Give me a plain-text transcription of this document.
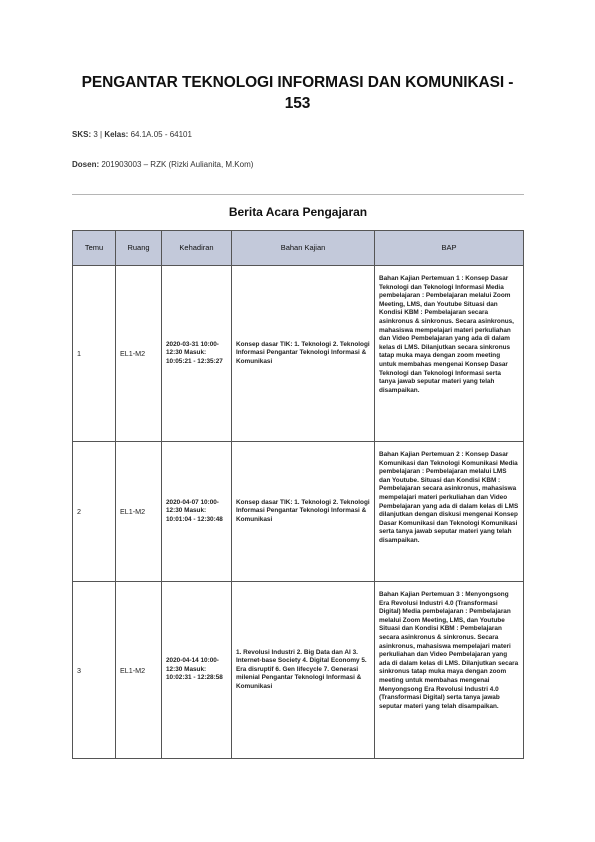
PENGANTAR TEKNOLOGI INFORMASI DAN KOMUNIKASI - 153
SKS: 3 | Kelas: 64.1A.05 - 64101
Dosen: 201903003 – RZK (Rizki Aulianita, M.Kom)
Berita Acara Pengajaran
Temu	Ruang	Kehadiran	Bahan Kajian	BAP
1	EL1-M2	2020-03-31 10:00-12:30 Masuk: 10:05:21 - 12:35:27	Konsep dasar TIK: 1. Teknologi 2. Teknologi Informasi Pengantar Teknologi Informasi & Komunikasi	Bahan Kajian Pertemuan 1 : Konsep Dasar Teknologi dan Teknologi Informasi Media pembelajaran : Pembelajaran melalui Zoom Meeting, LMS, dan Youtube Situasi dan Kondisi KBM : Pembelajaran secara asinkronus & sinkronus. Secara asinkronus, mahasiswa mempelajari materi perkuliahan dan Video Pembelajaran yang ada di dalam kelas di LMS. Dilanjutkan secara sinkronus tatap muka maya dengan zoom meeting untuk membahas mengenai Konsep Dasar Teknologi dan Teknologi Informasi serta tanya jawab seputar materi yang telah disampaikan.
2	EL1-M2	2020-04-07 10:00-12:30 Masuk: 10:01:04 - 12:30:48	Konsep dasar TIK: 1. Teknologi 2. Teknologi Informasi Pengantar Teknologi Informasi & Komunikasi	Bahan Kajian Pertemuan 2 : Konsep Dasar Komunikasi dan Teknologi Komunikasi Media pembelajaran : Pembelajaran melalui LMS dan Youtube. Situasi dan Kondisi KBM : Pembelajaran secara asinkronus, mahasiswa mempelajari materi perkuliahan dan Video Pembelajaran yang ada di dalam kelas di LMS dilanjutkan dengan diskusi mengenai Konsep Dasar Komunikasi dan Teknologi Komunikasi serta tanya jawab seputar materi yang telah disampaikan.
3	EL1-M2	2020-04-14 10:00-12:30 Masuk: 10:02:31 - 12:28:58	1. Revolusi Industri 2. Big Data dan AI 3. Internet-base Society 4. Digital Economy 5. Era disruptif 6. Gen lifecycle 7. Generasi milenial Pengantar Teknologi Informasi & Komunikasi	Bahan Kajian Pertemuan 3 : Menyongsong Era Revolusi Industri 4.0 (Transformasi Digital) Media pembelajaran : Pembelajaran melalui Zoom Meeting, LMS, dan Youtube Situasi dan Kondisi KBM : Pembelajaran secara asinkronus & sinkronus. Secara asinkronus, mahasiswa mempelajari materi perkuliahan dan Video Pembelajaran yang ada di dalam kelas di LMS. Dilanjutkan secara sinkronus tatap muka maya dengan zoom meeting untuk membahas mengenai Menyongsong Era Revolusi Industri 4.0 (Transformasi Digital) serta tanya jawab seputar materi yang telah disampaikan.
